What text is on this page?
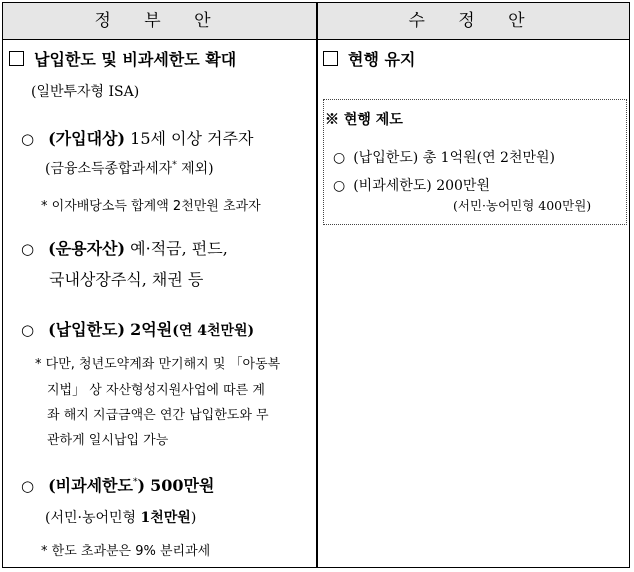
정 부 안	수 정 안
납입한도 및 비과세한도 확대
(일반투자형 ISA)
○ (가입대상) 15세 이상 거주자
(금융소득종합과세자* 제외)
* 이자배당소득 합계액 2천만원 초과자
○ (운용자산) 예·적금, 펀드,
국내상장주식, 채권 등
○ (납입한도) 2억원(연 4천만원)
* 다만, 청년도약계좌 만기해지 및 「아동복
지법」 상 자산형성지원사업에 따른 계
좌 해지 지급금액은 연간 납입한도와 무
관하게 일시납입 가능
○ (비과세한도*) 500만원
(서민·농어민형 1천만원)
* 한도 초과분은 9% 분리과세
현행 유지
※ 현행 제도
○ (납입한도) 총 1억원(연 2천만원)
○ (비과세한도) 200만원
(서민·농어민형 400만원)
